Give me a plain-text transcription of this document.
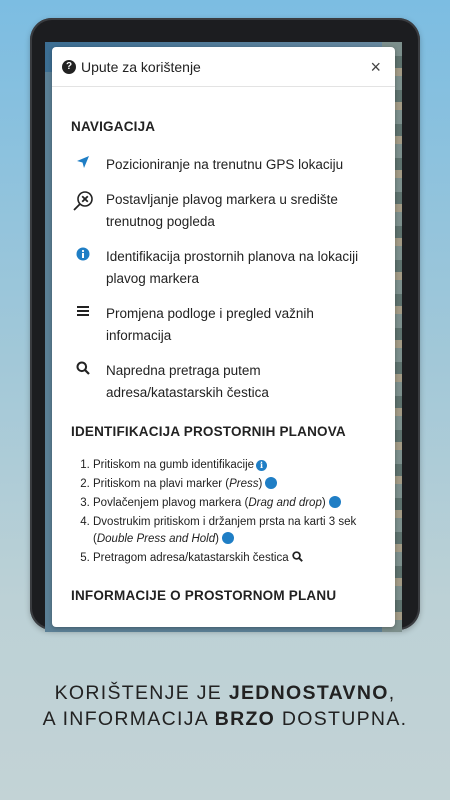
? Upute za korištenje	×
NAVIGACIJA
Pozicioniranje na trenutnu GPS lokaciju
Postavljanje plavog markera u središte trenutnog pogleda
Identifikacija prostornih planova na lokaciji plavog markera
Promjena podloge i pregled važnih informacija
Napredna pretraga putem adresa/katastarskih čestica
IDENTIFIKACIJA PROSTORNIH PLANOVA
1. Pritiskom na gumb identifikacije i
2. Pritiskom na plavi marker (Press)
3. Povlačenjem plavog markera (Drag and drop)
4. Dvostrukim pritiskom i držanjem prsta na karti 3 sek (Double Press and Hold)
5. Pretragom adresa/katastarskih čestica
INFORMACIJE O PROSTORNOM PLANU
KORIŠTENJE JE JEDNOSTAVNO,
A INFORMACIJA BRZO DOSTUPNA.
